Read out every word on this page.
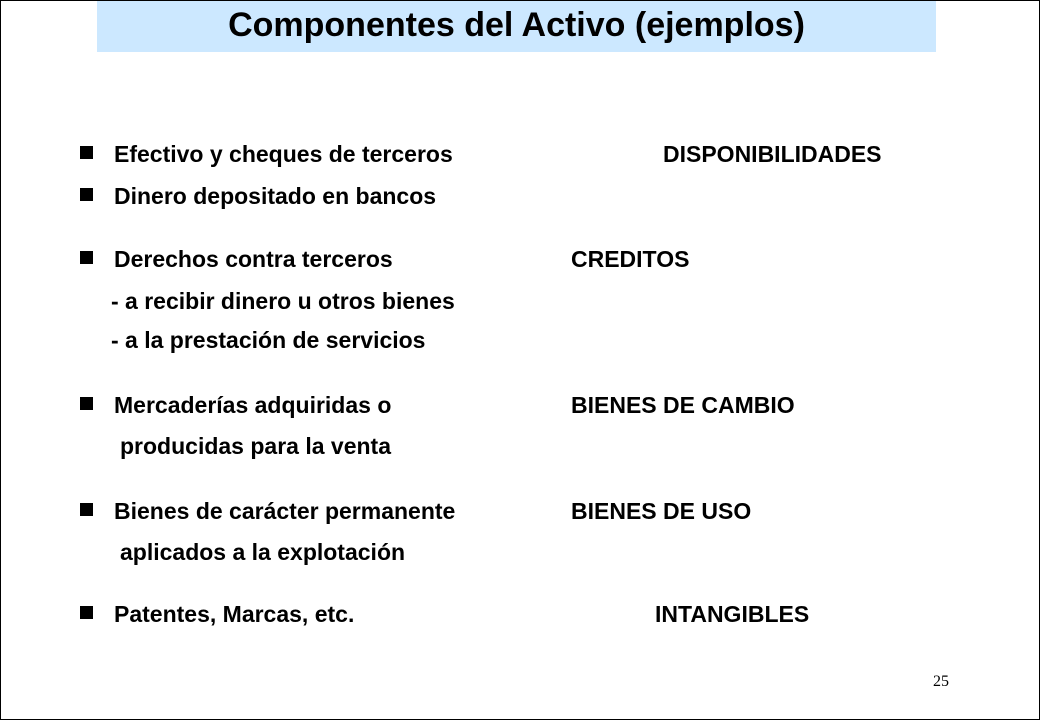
Componentes del Activo (ejemplos)
Efectivo y cheques de terceros	DISPONIBILIDADES
Dinero depositado en bancos
Derechos contra terceros	CREDITOS
- a recibir dinero u otros bienes
- a la prestación de servicios
Mercaderías adquiridas o	BIENES DE CAMBIO
producidas para la venta
Bienes de carácter permanente	BIENES DE USO
aplicados a la explotación
Patentes, Marcas, etc.	INTANGIBLES
25
